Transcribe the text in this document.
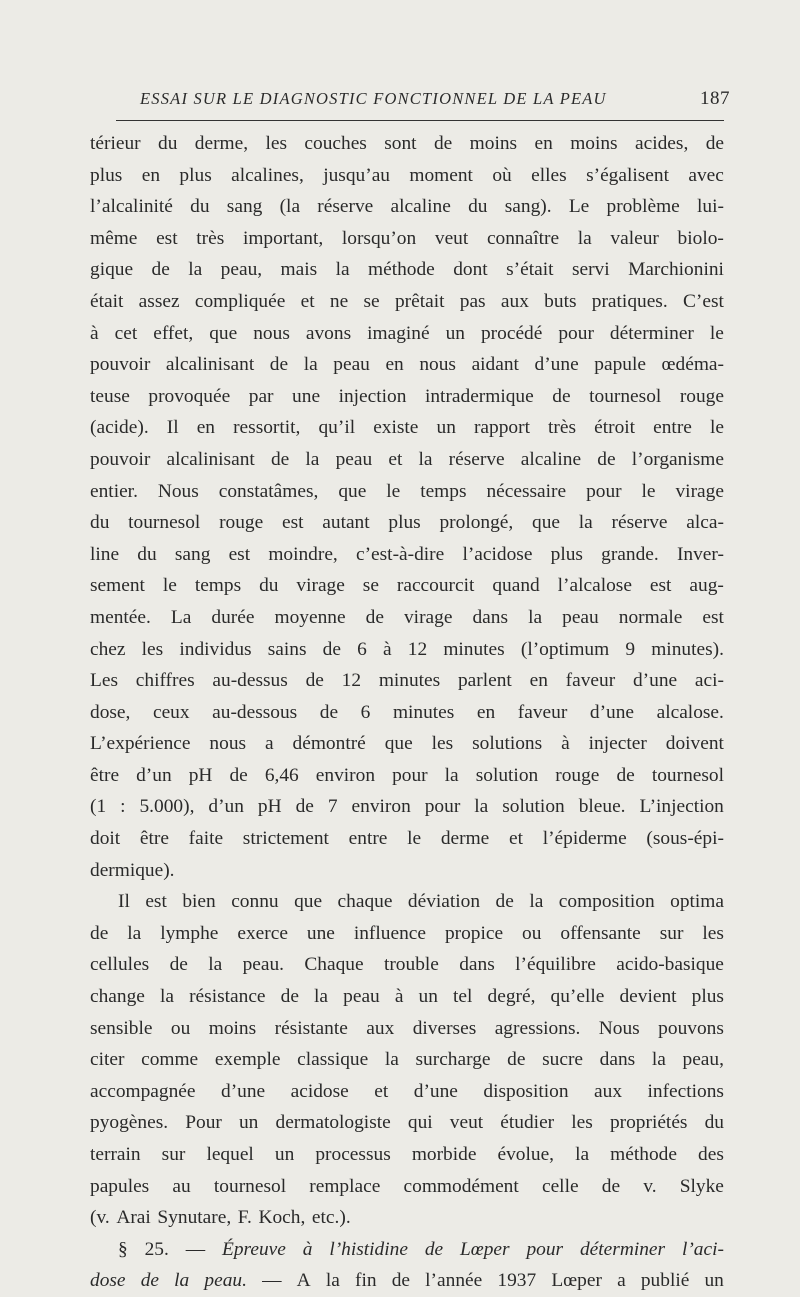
ESSAI SUR LE DIAGNOSTIC FONCTIONNEL DE LA PEAU	187
térieur du derme, les couches sont de moins en moins acides, de
plus en plus alcalines, jusqu’au moment où elles s’égalisent avec
l’alcalinité du sang (la réserve alcaline du sang). Le problème lui-
même est très important, lorsqu’on veut connaître la valeur biolo-
gique de la peau, mais la méthode dont s’était servi Marchionini
était assez compliquée et ne se prêtait pas aux buts pratiques. C’est
à cet effet, que nous avons imaginé un procédé pour déterminer le
pouvoir alcalinisant de la peau en nous aidant d’une papule œdéma-
teuse provoquée par une injection intradermique de tournesol rouge
(acide). Il en ressortit, qu’il existe un rapport très étroit entre le
pouvoir alcalinisant de la peau et la réserve alcaline de l’organisme
entier. Nous constatâmes, que le temps nécessaire pour le virage
du tournesol rouge est autant plus prolongé, que la réserve alca-
line du sang est moindre, c’est-à-dire l’acidose plus grande. Inver-
sement le temps du virage se raccourcit quand l’alcalose est aug-
mentée. La durée moyenne de virage dans la peau normale est
chez les individus sains de 6 à 12 minutes (l’optimum 9 minutes).
Les chiffres au-dessus de 12 minutes parlent en faveur d’une aci-
dose, ceux au-dessous de 6 minutes en faveur d’une alcalose.
L’expérience nous a démontré que les solutions à injecter doivent
être d’un pH de 6,46 environ pour la solution rouge de tournesol
(1 : 5.000), d’un pH de 7 environ pour la solution bleue. L’injection
doit être faite strictement entre le derme et l’épiderme (sous-épi-
dermique).
Il est bien connu que chaque déviation de la composition optima
de la lymphe exerce une influence propice ou offensante sur les
cellules de la peau. Chaque trouble dans l’équilibre acido-basique
change la résistance de la peau à un tel degré, qu’elle devient plus
sensible ou moins résistante aux diverses agressions. Nous pouvons
citer comme exemple classique la surcharge de sucre dans la peau,
accompagnée d’une acidose et d’une disposition aux infections
pyogènes. Pour un dermatologiste qui veut étudier les propriétés du
terrain sur lequel un processus morbide évolue, la méthode des
papules au tournesol remplace commodément celle de v. Slyke
(v. Arai Synutare, F. Koch, etc.).
§ 25. — Épreuve à l’histidine de Lœper pour déterminer l’aci-
dose de la peau. — A la fin de l’année 1937 Lœper a publié un
